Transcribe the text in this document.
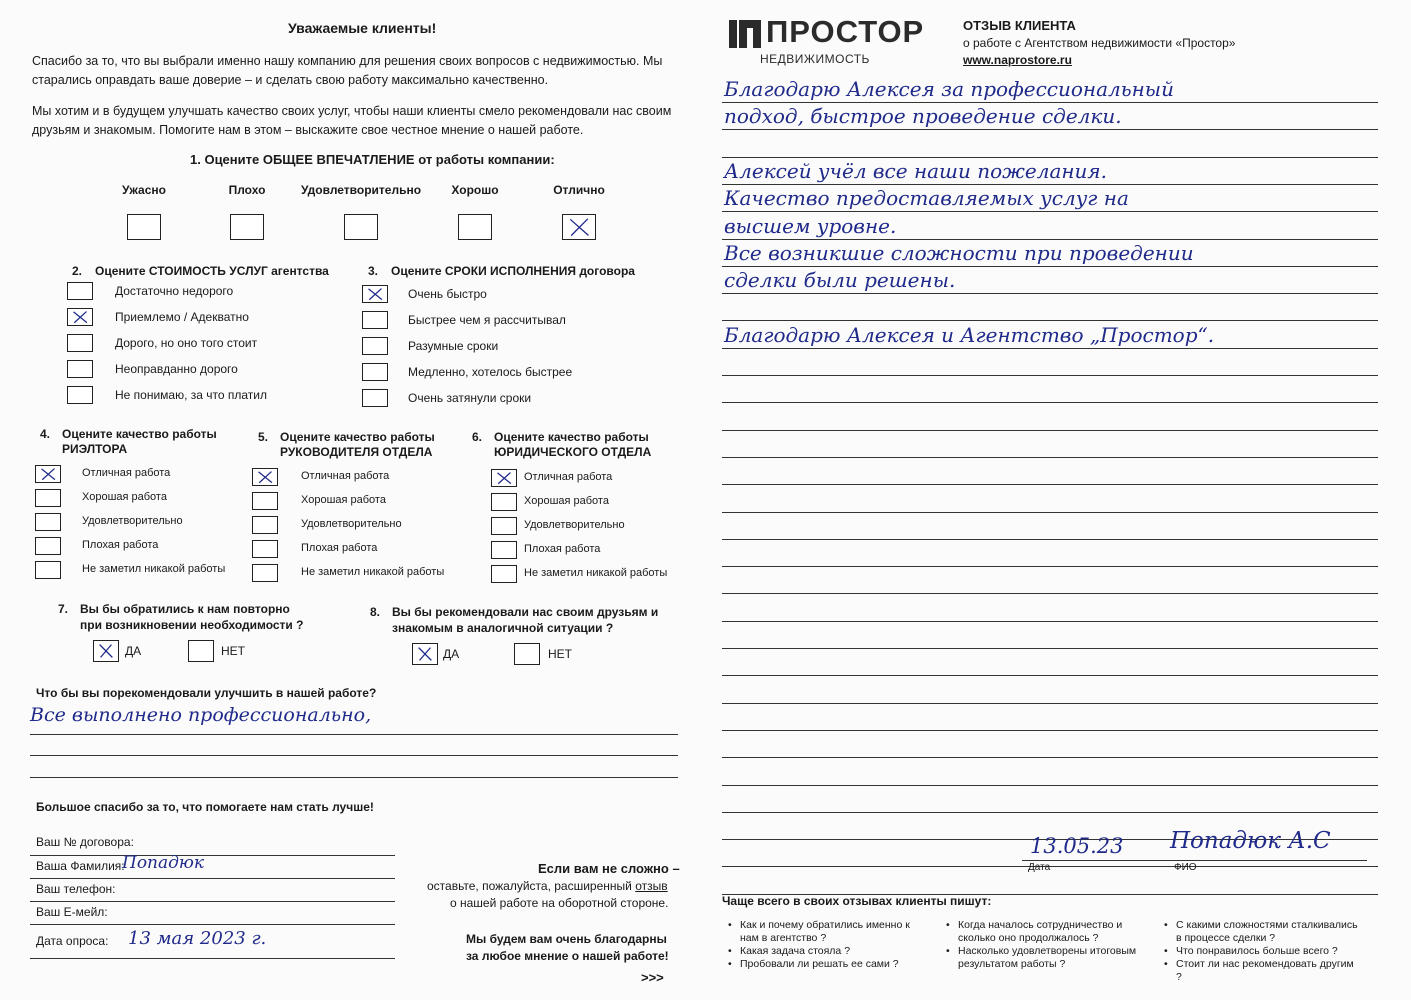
Уважаемые клиенты!
Спасибо за то, что вы выбрали именно нашу компанию для решения своих вопросов с недвижимостью. Мы старались оправдать ваше доверие – и сделать свою работу максимально качественно.
Мы хотим и в будущем улучшать качество своих услуг, чтобы наши клиенты смело рекомендовали нас своим друзьям и знакомым. Помогите нам в этом – выскажите свое честное мнение о нашей работе.
1. Оцените ОБЩЕЕ ВПЕЧАТЛЕНИЕ от работы компании:
Ужасно	Плохо	Удовлетворительно	Хорошо	Отлично
2. Оцените СТОИМОСТЬ УСЛУГ агентства
Достаточно недорого
Приемлемо / Адекватно
Дорого, но оно того стоит
Неоправданно дорого
Не понимаю, за что платил
3. Оцените СРОКИ ИСПОЛНЕНИЯ договора
Очень быстро
Быстрее чем я рассчитывал
Разумные сроки
Медленно, хотелось быстрее
Очень затянули сроки
4. Оцените качество работы
РИЭЛТОРА
Отличная работа
Хорошая работа
Удовлетворительно
Плохая работа
Не заметил никакой работы
5. Оцените качество работы
РУКОВОДИТЕЛЯ ОТДЕЛА
Отличная работа
Хорошая работа
Удовлетворительно
Плохая работа
Не заметил никакой работы
6. Оцените качество работы
ЮРИДИЧЕСКОГО ОТДЕЛА
Отличная работа
Хорошая работа
Удовлетворительно
Плохая работа
Не заметил никакой работы
7. Вы бы обратились к нам повторно
при возникновении необходимости ?
ДА	НЕТ
8. Вы бы рекомендовали нас своим друзьям и
знакомым в аналогичной ситуации ?
ДА	НЕТ
Что бы вы порекомендовали улучшить в нашей работе?
Все выполнено профессионально,
Большое спасибо за то, что помогаете нам стать лучше!
Ваш № договора:
Ваша Фамилия:
Попадюк
Ваш телефон:
Ваш Е-мейл:
Дата опроса: 13 мая 2023 г.
Если вам не сложно –
оставьте, пожалуйста, расширенный отзыв
о нашей работе на оборотной стороне.
Мы будем вам очень благодарны
за любое мнение о нашей работе!
>>>
ПРОСТОР
НЕДВИЖИМОСТЬ
ОТЗЫВ КЛИЕНТА
о работе с Агентством недвижимости «Простор»
www.naprostore.ru
Благодарю Алексея за профессиональный
подход, быстрое проведение сделки.
Алексей учёл все наши пожелания.
Качество предоставляемых услуг на
высшем уровне.
Все возникшие сложности при проведении
сделки были решены.
Благодарю Алексея и Агентство „Простор“.
13.05.23 Попадюк А.С
Дата	ФИО
Чаще всего в своих отзывах клиенты пишут:
• Как и почему обратились именно к нам в агентство ?
• Какая задача стояла ?
• Пробовали ли решать ее сами ?
• Когда началось сотрудничество и сколько оно продолжалось ?
• Насколько удовлетворены итоговым результатом работы ?
• С какими сложностями сталкивались в процессе сделки ?
• Что понравилось больше всего ?
• Стоит ли нас рекомендовать другим ?
